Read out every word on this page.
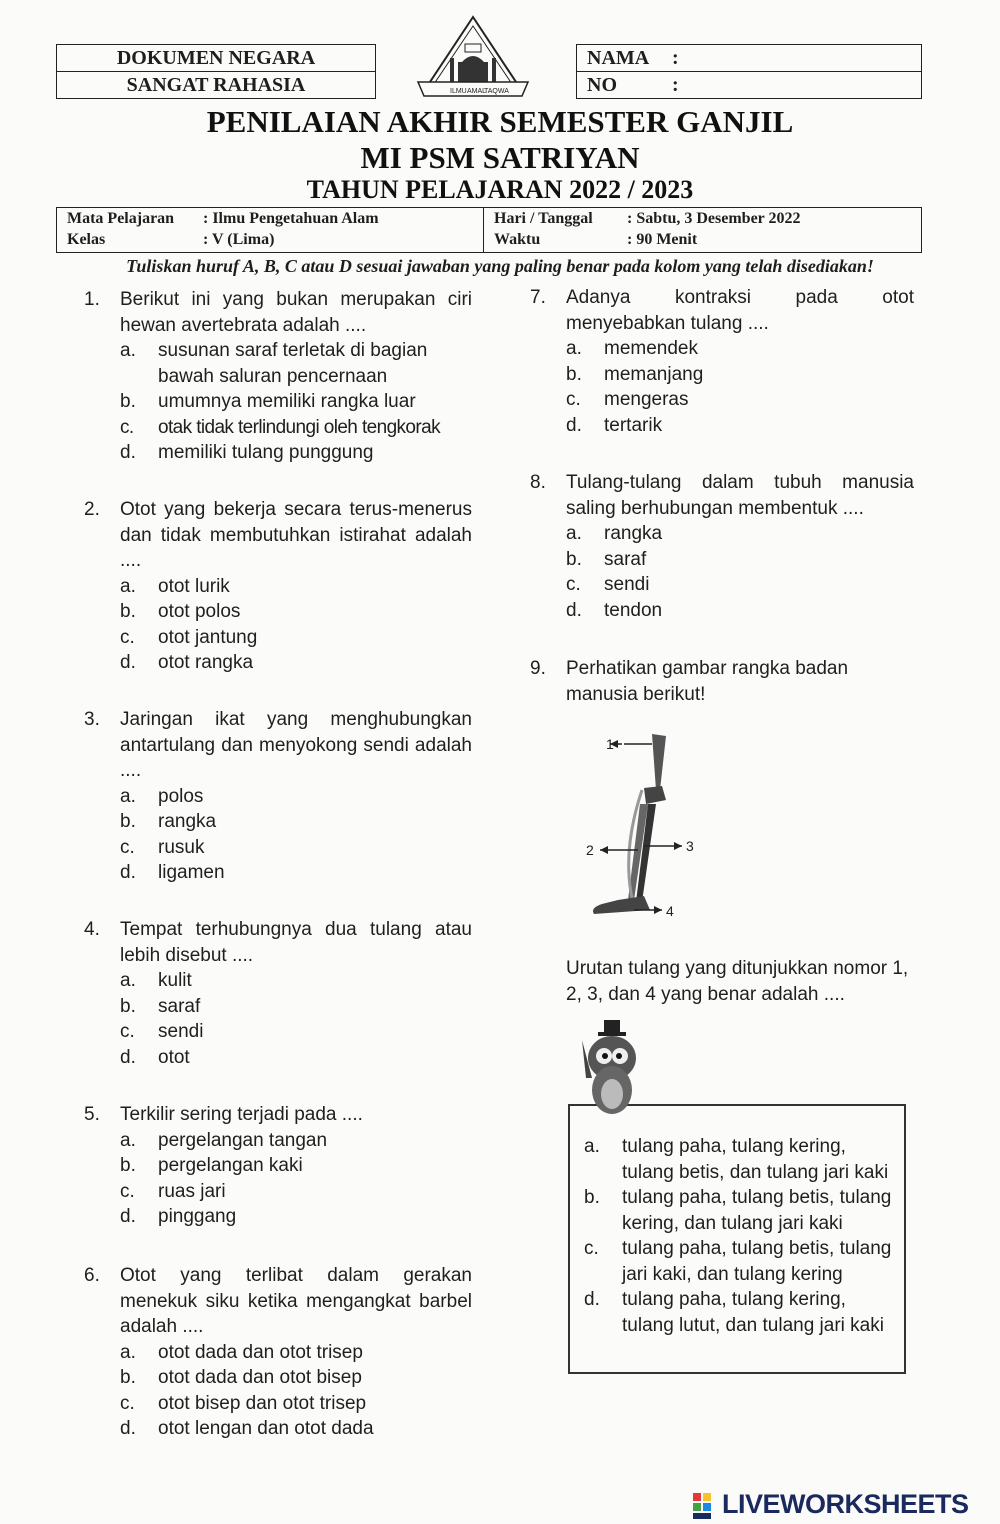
DOKUMEN NEGARA
SANGAT RAHASIA	ILMU AMAL
TAQWA
NAMA :
NO	:
PENILAIAN AKHIR SEMESTER GANJIL
MI PSM SATRIYAN
TAHUN PELAJARAN 2022 / 2023
Mata Pelajaran : Ilmu Pengetahuan Alam
Kelas	: V (Lima)
Hari / Tanggal : Sabtu, 3 Desember 2022
Waktu	: 90 Menit
Tuliskan huruf A, B, C atau D sesuai jawaban yang paling benar pada kolom yang telah disediakan!
1. Berikut ini yang bukan merupakan ciri hewan avertebrata adalah ....
a. susunan saraf terletak di bagian bawah saluran pencernaan
b. umumnya memiliki rangka luar
c. otak tidak terlindungi oleh tengkorak
d. memiliki tulang punggung
2. Otot yang bekerja secara terus-menerus dan tidak membutuhkan istirahat adalah ....
a. otot lurik
b. otot polos
c. otot jantung
d. otot rangka
3. Jaringan ikat yang menghubungkan antartulang dan menyokong sendi adalah ....
a. polos
b. rangka
c. rusuk
d. ligamen
4. Tempat terhubungnya dua tulang atau lebih disebut ....
a. kulit
b. saraf
c. sendi
d. otot
5. Terkilir sering terjadi pada ....
a. pergelangan tangan
b. pergelangan kaki
c. ruas jari
d. pinggang
6. Otot yang terlibat dalam gerakan menekuk siku ketika mengangkat barbel adalah ....
a. otot dada dan otot trisep
b. otot dada dan otot bisep
c. otot bisep dan otot trisep
d. otot lengan dan otot dada
7. Adanya kontraksi pada otot menyebabkan tulang ....
a. memendek
b. memanjang
c. mengeras
d. tertarik
8. Tulang-tulang dalam tubuh manusia saling berhubungan membentuk ....
a. rangka
b. saraf
c. sendi
d. tendon
9. Perhatikan gambar rangka badan manusia berikut!
1
2	3
4
Urutan tulang yang ditunjukkan nomor 1, 2, 3, dan 4 yang benar adalah ....
a. tulang paha, tulang kering, tulang betis, dan tulang jari kaki
b. tulang paha, tulang betis, tulang kering, dan tulang jari kaki
c. tulang paha, tulang betis, tulang jari kaki, dan tulang kering
d. tulang paha, tulang kering, tulang lutut, dan tulang jari kaki
LIVEWORKSHEETS
